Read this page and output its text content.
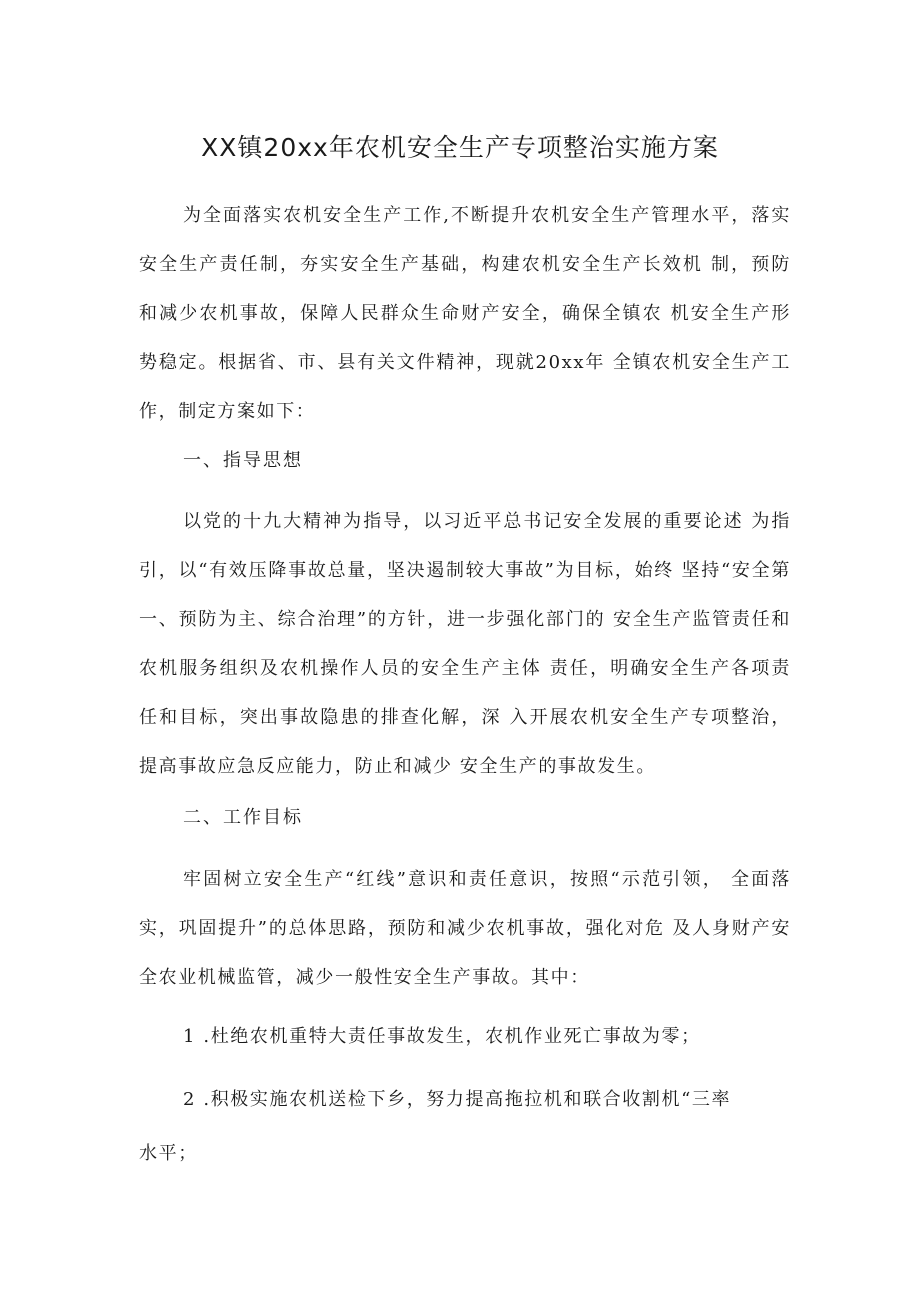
XX镇20xx年农机安全生产专项整治实施方案

为全面落实农机安全生产工作,不断提升农机安全生产管理水平，落实安全生产责任制，夯实安全生产基础，构建农机安全生产长效机 制，预防和减少农机事故，保障人民群众生命财产安全，确保全镇农 机安全生产形势稳定。根据省、市、县有关文件精神，现就20xx年 全镇农机安全生产工作，制定方案如下：

一、指导思想

以党的十九大精神为指导，以习近平总书记安全发展的重要论述 为指引，以“有效压降事故总量，坚决遏制较大事故”为目标，始终 坚持“安全第一、预防为主、综合治理”的方针，进一步强化部门的 安全生产监管责任和农机服务组织及农机操作人员的安全生产主体 责任，明确安全生产各项责任和目标，突出事故隐患的排查化解，深 入开展农机安全生产专项整治，提高事故应急反应能力，防止和减少 安全生产的事故发生。

二、工作目标

牢固树立安全生产“红线”意识和责任意识，按照“示范引领， 全面落实，巩固提升”的总体思路，预防和减少农机事故，强化对危 及人身财产安全农业机械监管，减少一般性安全生产事故。其中：

1 .杜绝农机重特大责任事故发生，农机作业死亡事故为零；

2 .积极实施农机送检下乡，努力提高拖拉机和联合收割机“三率

水平；
